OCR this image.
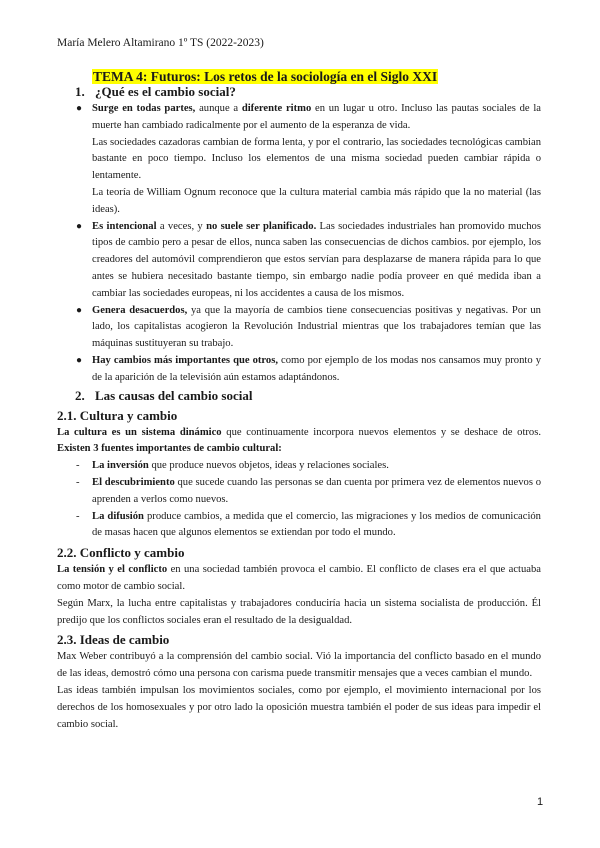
María Melero Altamirano 1º TS (2022-2023)
TEMA 4: Futuros: Los retos de la sociología en el Siglo XXI
1. ¿Qué es el cambio social?
● Surge en todas partes, aunque a diferente ritmo en un lugar u otro. Incluso las pautas sociales de la muerte han cambiado radicalmente por el aumento de la esperanza de vida.

Las sociedades cazadoras cambian de forma lenta, y por el contrario, las sociedades tecnológicas cambian bastante en poco tiempo. Incluso los elementos de una misma sociedad pueden cambiar rápida o lentamente.

La teoría de William Ognum reconoce que la cultura material cambia más rápido que la no material (las ideas).

● Es intencional a veces, y no suele ser planificado. Las sociedades industriales han promovido muchos tipos de cambio pero a pesar de ellos, nunca saben las consecuencias de dichos cambios. por ejemplo, los creadores del automóvil comprendieron que estos servían para desplazarse de manera rápida para lo que antes se hubiera necesitado bastante tiempo, sin embargo nadie podía proveer en qué medida iban a cambiar las sociedades europeas, ni los accidentes a causa de los mismos.

● Genera desacuerdos, ya que la mayoría de cambios tiene consecuencias positivas y negativas. Por un lado, los capitalistas acogieron la Revolución Industrial mientras que los trabajadores temían que las máquinas sustituyeran su trabajo.

● Hay cambios más importantes que otros, como por ejemplo de los modas nos cansamos muy pronto y de la aparición de la televisión aún estamos adaptándonos.

2. Las causas del cambio social
2.1. Cultura y cambio

La cultura es un sistema dinámico que continuamente incorpora nuevos elementos y se deshace de otros. Existen 3 fuentes importantes de cambio cultural:

- La inversión que produce nuevos objetos, ideas y relaciones sociales.

- El descubrimiento que sucede cuando las personas se dan cuenta por primera vez de elementos nuevos o aprenden a verlos como nuevos.

- La difusión produce cambios, a medida que el comercio, las migraciones y los medios de comunicación de masas hacen que algunos elementos se extiendan por todo el mundo.

2.2. Conflicto y cambio

La tensión y el conflicto en una sociedad también provoca el cambio. El conflicto de clases era el que actuaba como motor de cambio social.

Según Marx, la lucha entre capitalistas y trabajadores conduciría hacia un sistema socialista de producción. Él predijo que los conflictos sociales eran el resultado de la desigualdad.

2.3. Ideas de cambio

Max Weber contribuyó a la comprensión del cambio social. Vió la importancia del conflicto basado en el mundo de las ideas, demostró cómo una persona con carisma puede transmitir mensajes que a veces cambian el mundo.

Las ideas también impulsan los movimientos sociales, como por ejemplo, el movimiento internacional por los derechos de los homosexuales y por otro lado la oposición muestra también el poder de sus ideas para impedir el cambio social.

1
